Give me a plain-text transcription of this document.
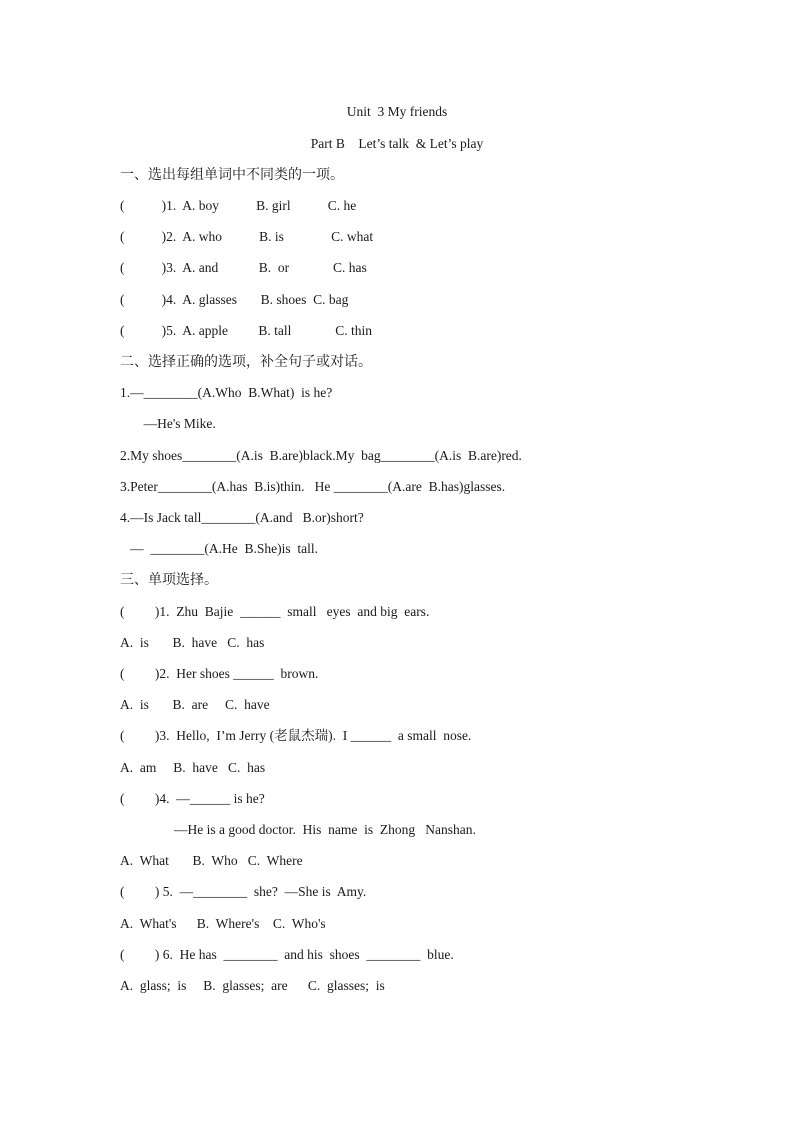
Unit  3 My friends
Part B    Let’s talk  & Let’s play
一、选出每组单词中不同类的一项。
(           )1.  A. boy           B. girl           C. he
(           )2.  A. who           B. is              C. what
(           )3.  A. and            B.  or             C. has
(           )4.  A. glasses       B. shoes  C. bag
(           )5.  A. apple         B. tall             C. thin
二、选择正确的选项，补全句子或对话。
1.—________(A.Who  B.What)  is he?
—He's Mike.
2.My shoes________(A.is  B.are)black.My  bag________(A.is  B.are)red.
3.Peter________(A.has  B.is)thin.   He ________(A.are  B.has)glasses.
4.—Is Jack tall________(A.and   B.or)short?
—  ________(A.He  B.She)is  tall.
三、单项选择。
(         )1.  Zhu  Bajie  ______  small   eyes  and big  ears.
A.  is       B.  have   C.  has
(         )2.  Her shoes ______  brown.
A.  is       B.  are     C.  have
(         )3.  Hello,  I’m Jerry (老鼠杰瑞).  I ______  a small  nose.
A.  am     B.  have   C.  has
(         )4.  —______ is he?
—He is a good doctor.  His  name  is  Zhong   Nanshan.
A.  What       B.  Who   C.  Where
(         ) 5.  —________  she?  —She is  Amy.
A.  What's      B.  Where's    C.  Who's
(         ) 6.  He has  ________  and his  shoes  ________  blue.
A.  glass;  is     B.  glasses;  are      C.  glasses;  is
